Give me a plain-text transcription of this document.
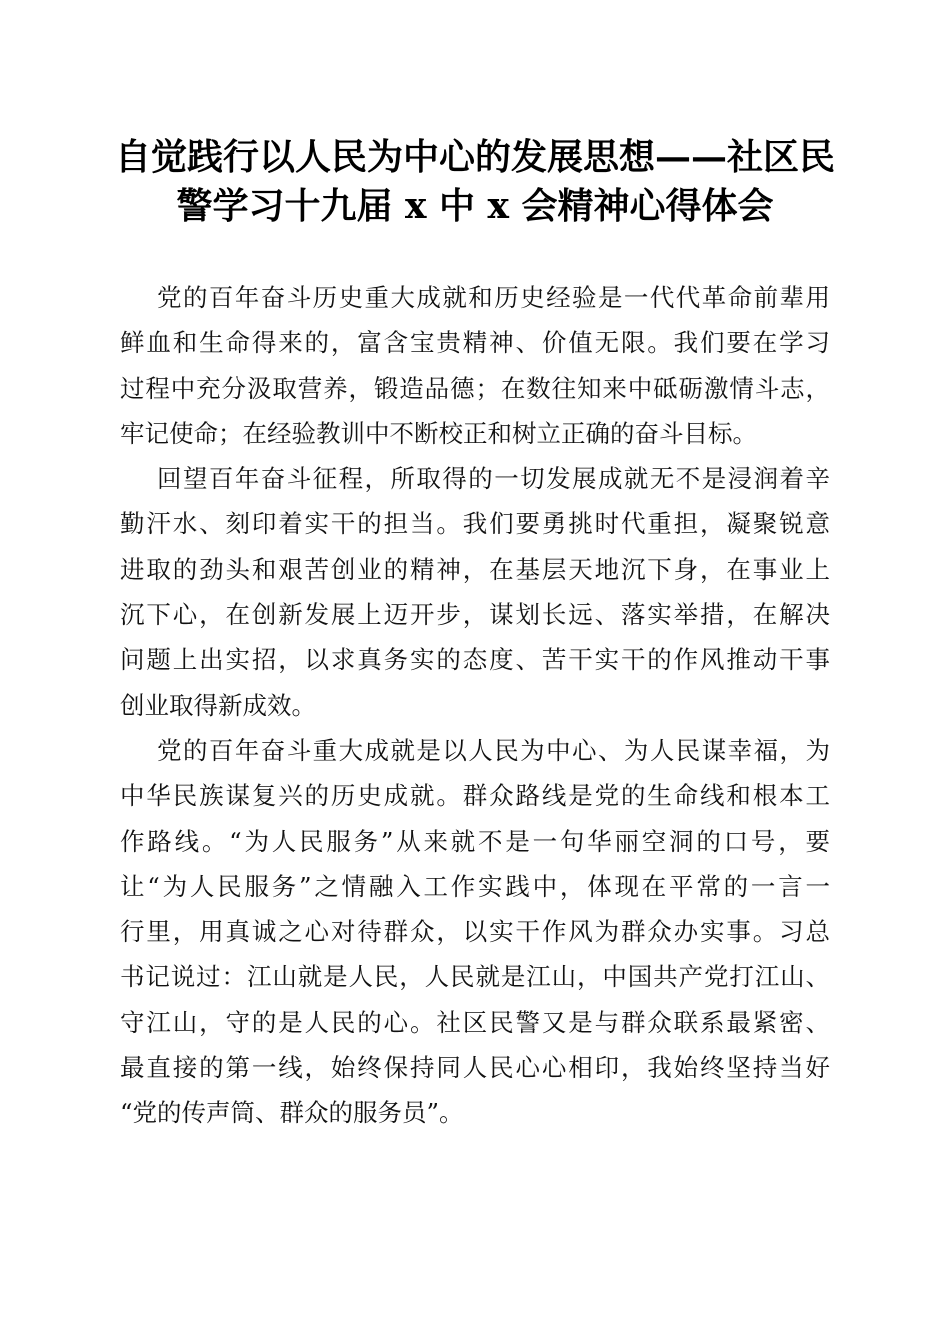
自觉践行以人民为中心的发展思想——社区民
警学习十九届 x 中 x 会精神心得体会
党的百年奋斗历史重大成就和历史经验是一代代革命前辈用
鲜血和生命得来的，富含宝贵精神、价值无限。我们要在学习
过程中充分汲取营养，锻造品德；在数往知来中砥砺激情斗志，
牢记使命；在经验教训中不断校正和树立正确的奋斗目标。
回望百年奋斗征程，所取得的一切发展成就无不是浸润着辛
勤汗水、刻印着实干的担当。我们要勇挑时代重担，凝聚锐意
进取的劲头和艰苦创业的精神，在基层天地沉下身，在事业上
沉下心，在创新发展上迈开步，谋划长远、落实举措，在解决
问题上出实招，以求真务实的态度、苦干实干的作风推动干事
创业取得新成效。
党的百年奋斗重大成就是以人民为中心、为人民谋幸福，为
中华民族谋复兴的历史成就。群众路线是党的生命线和根本工
作路线。“为人民服务”从来就不是一句华丽空洞的口号，要
让“为人民服务”之情融入工作实践中，体现在平常的一言一
行里，用真诚之心对待群众，以实干作风为群众办实事。习总
书记说过：江山就是人民，人民就是江山，中国共产党打江山、
守江山，守的是人民的心。社区民警又是与群众联系最紧密、
最直接的第一线，始终保持同人民心心相印，我始终坚持当好
“党的传声筒、群众的服务员”。
